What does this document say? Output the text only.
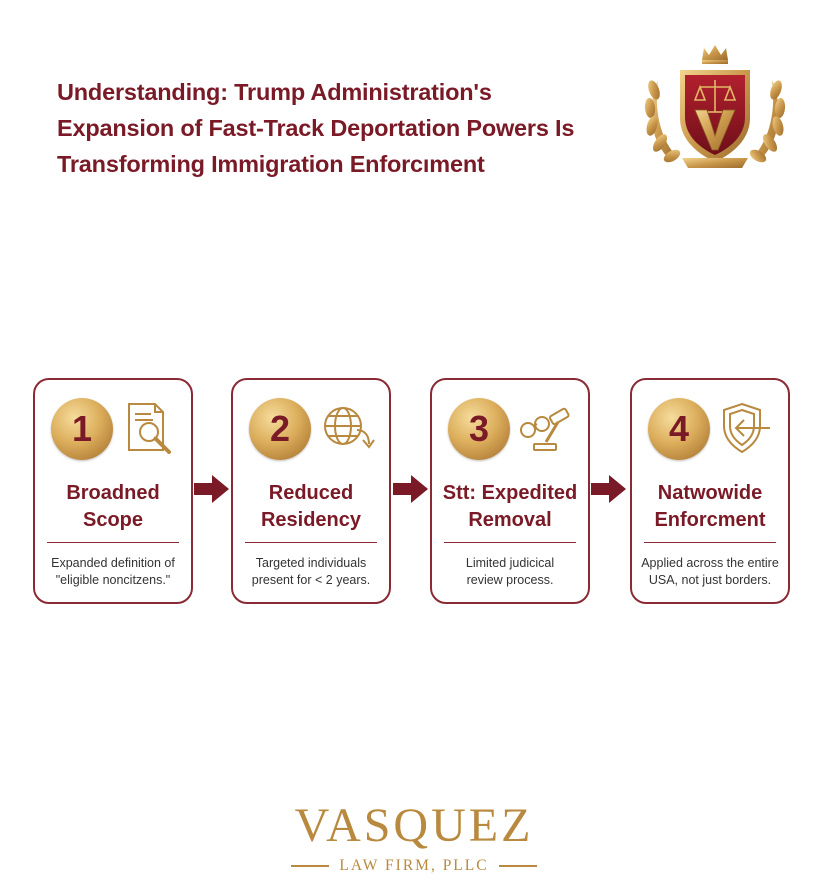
Understanding: Trump Administration's
Expansion of Fast-Track Deportation Powers Is
Transforming Immigration Enforcıment
1
Broadned
Scope
Expanded definition of
"eligible noncitzens."
2
Reduced
Residency
Targeted individuals
present for < 2 years.
3
Stt: Expedited
Removal
Limited judicical
review process.
4
Natwowide
Enforcment
Applied across the entire
USA, not just borders.
VASQUEZ
LAW FIRM, PLLC
